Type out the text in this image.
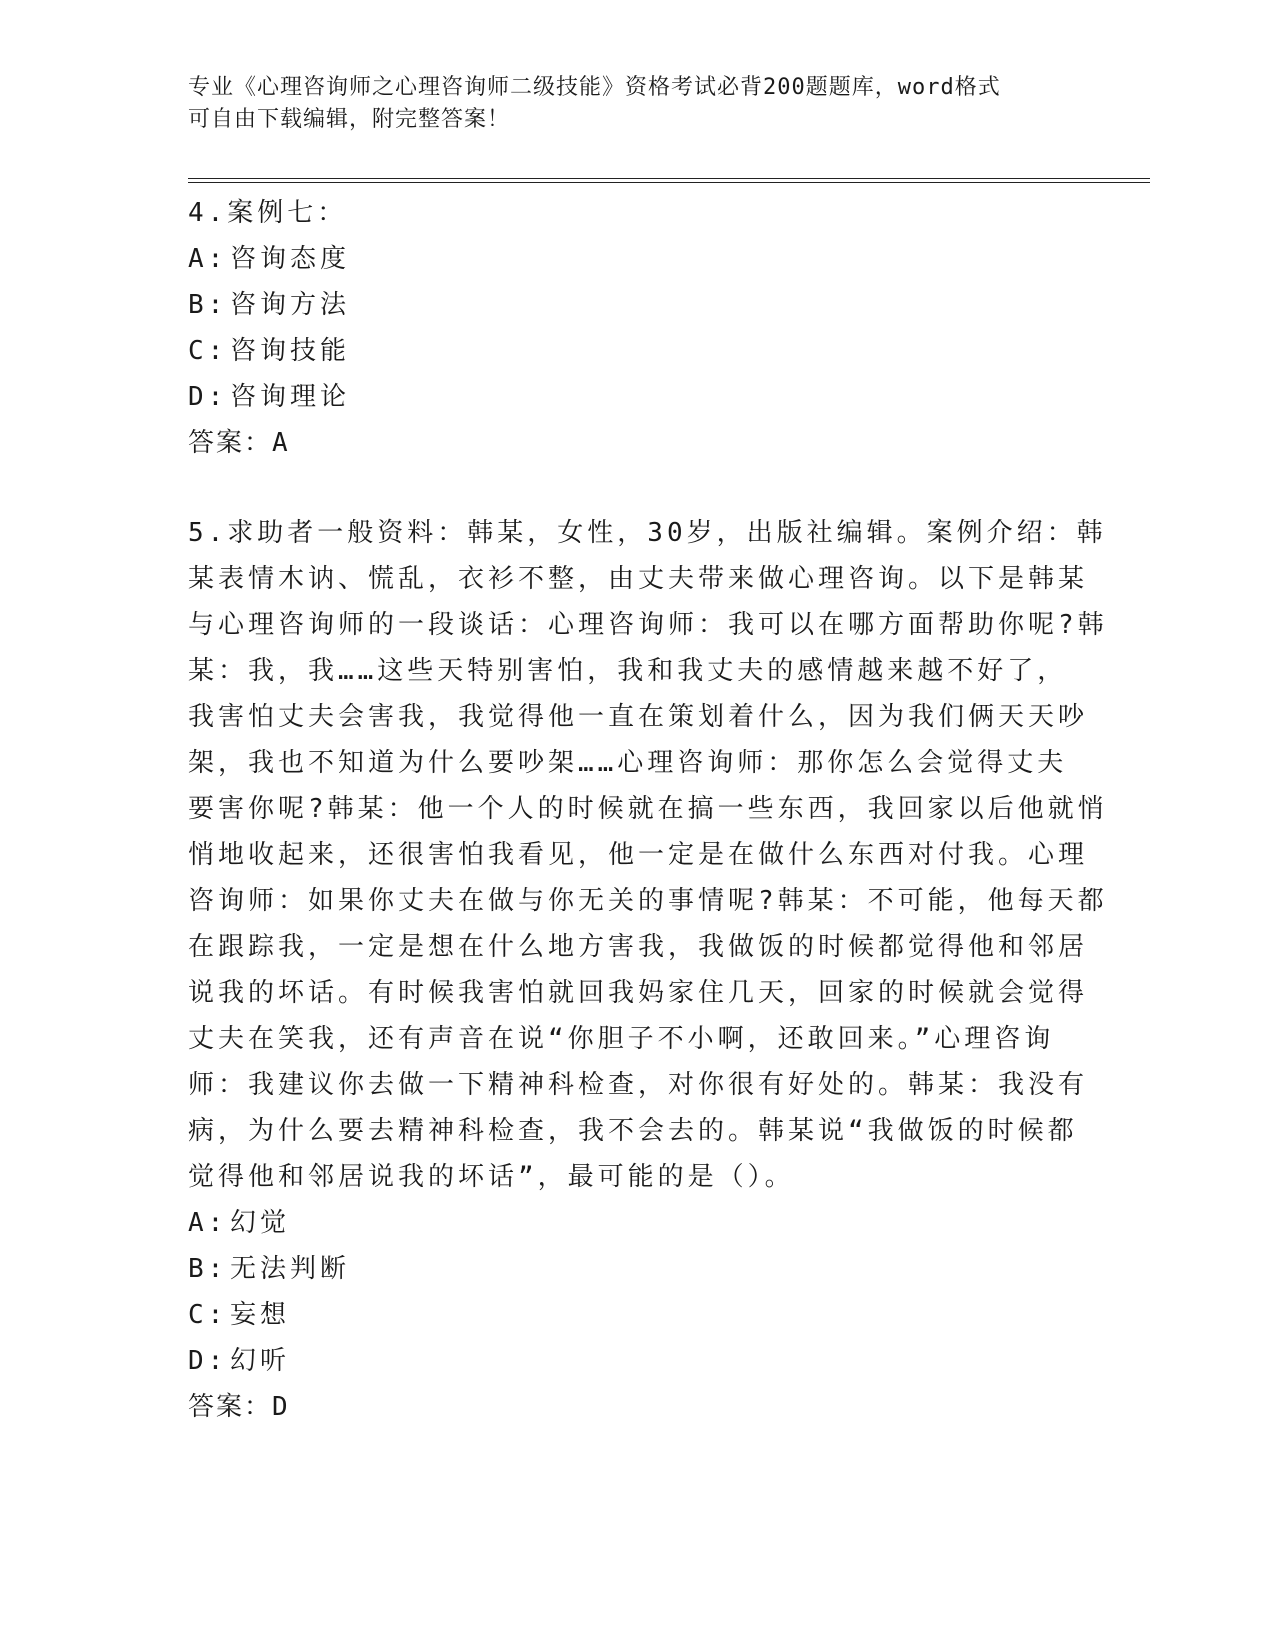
专业《心理咨询师之心理咨询师二级技能》资格考试必背200题题库，word格式
可自由下载编辑，附完整答案！
4.案例七：
A: 咨询态度
B: 咨询方法
C: 咨询技能
D: 咨询理论
答案：A
5.求助者一般资料：韩某，女性，30岁，出版社编辑。案例介绍：韩
某表情木讷、慌乱，衣衫不整，由丈夫带来做心理咨询。以下是韩某
与心理咨询师的一段谈话：心理咨询师：我可以在哪方面帮助你呢?韩
某：我，我……这些天特别害怕，我和我丈夫的感情越来越不好了，
我害怕丈夫会害我，我觉得他一直在策划着什么，因为我们俩天天吵
架，我也不知道为什么要吵架……心理咨询师：那你怎么会觉得丈夫
要害你呢?韩某：他一个人的时候就在搞一些东西，我回家以后他就悄
悄地收起来，还很害怕我看见，他一定是在做什么东西对付我。心理
咨询师：如果你丈夫在做与你无关的事情呢?韩某：不可能，他每天都
在跟踪我，一定是想在什么地方害我，我做饭的时候都觉得他和邻居
说我的坏话。有时候我害怕就回我妈家住几天，回家的时候就会觉得
丈夫在笑我，还有声音在说“你胆子不小啊，还敢回来。”心理咨询
师：我建议你去做一下精神科检查，对你很有好处的。韩某：我没有
病，为什么要去精神科检查，我不会去的。韩某说“我做饭的时候都
觉得他和邻居说我的坏话”，最可能的是（）。
A: 幻觉
B: 无法判断
C: 妄想
D: 幻听
答案：D
